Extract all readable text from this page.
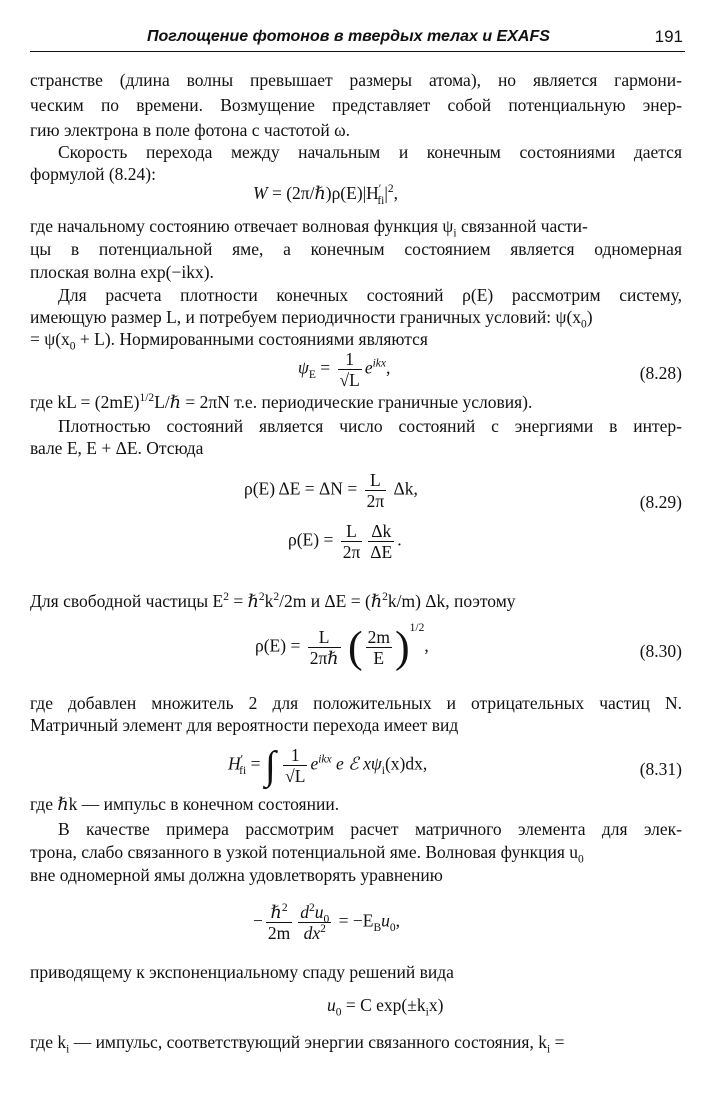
Поглощение фотонов в твердых телах и EXAFS	191
странстве (длина волны превышает размеры атома), но является гармони-
ческим по времени. Возмущение представляет собой потенциальную энер-
гию электрона в поле фотона с частотой ω.
Скорость перехода между начальным и конечным состояниями дается
формулой (8.24):
$W = (2\pi/\hbar)\rho(E)|H'_{fi}|^2$,
где начальному состоянию отвечает волновая функция $\psi_i$ связанной части-
цы в потенциальной яме, а конечным состоянием является одномерная
плоская волна exp(−ikx).
Для расчета плотности конечных состояний ρ(E) рассмотрим систему,
имеющую размер L, и потребуем периодичности граничных условий: $\psi(x_0)$
= $\psi(x_0 + L)$. Нормированными состояниями являются
$\psi_E = \frac{1}{√L} e^{ikx}$,	(8.28)
где kL = $(2mE)^{1/2}L/\hbar = 2\pi N$ т.е. периодические граничные условия).
Плотностью состояний является число состояний с энергиями в интер-
вале E, E + ΔE. Отсюда
ρ(E) $\Delta E = \Delta N = \frac{L}{2\pi} \Delta k$,
$\rho(E) = \frac{L}{2\pi} \frac{\Delta k}{\Delta E}$ .
(8.29)
Для свободной частицы $E^2$ = $\hbar^2k^2/2m$ и ΔE = (ℏ$^2$k/m) Δk, поэтому
$\rho(E) = \frac{L}{\text{2πℏ}}$ ( $\frac{2m}{E} )^{1/2}$,	(8.30)
где добавлен множитель 2 для положительных и отрицательных частиц N.
Матричный элемент для вероятности перехода имеет вид
$H'_{fi}$ = ∫ $\frac{1}{√L} e^{ikx}$ e ℰ $x\psi_i(x)dx$,	(8.31)
где ℏk — импульс в конечном состоянии.
В качестве примера рассмотрим расчет матричного элемента для элек-
трона, слабо связанного в узкой потенциальной яме. Волновая функция $u_0$
вне одномерной ямы должна удовлетворять уравнению
− $\frac{\hbar^2}{2m} \frac{d^2u_0}{dx^2} = -E_Bu_0$,
приводящему к экспоненциальному спаду решений вида
$u_0 = C$ $\exp(\pm k_ix)$
где $k_i$ — импульс, соответствующий энергии связанного состояния, $k_i$ =
